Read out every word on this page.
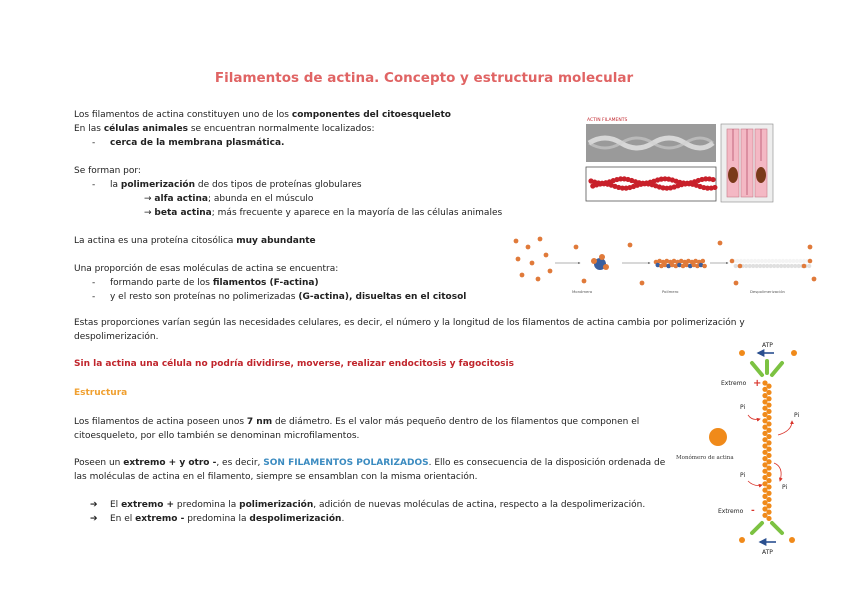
Filamentos de actina. Concepto y estructura molecular
Los filamentos de actina constituyen uno de los componentes del citoesqueleto
En las células animales se encuentran normalmente localizados:
- cerca de la membrana plasmática.
Se forman por:
- la polimerización de dos tipos de proteínas globulares
→ alfa actina; abunda en el músculo
→ beta actina; más frecuente y aparece en la mayoría de las células animales
La actina es una proteína citosólica muy abundante
Una proporción de esas moléculas de actina se encuentra:
- formando parte de los filamentos (F-actina)
- y el resto son proteínas no polimerizadas (G-actina), disueltas en el citosol
Estas proporciones varían según las necesidades celulares, es decir, el número y la longitud de los filamentos de actina cambia por polimerización y
despolimerización.
Sin la actina una célula no podría dividirse, moverse, realizar endocitosis y fagocitosis
Estructura
Los filamentos de actina poseen unos 7 nm de diámetro. Es el valor más pequeño dentro de los filamentos que componen el
citoesqueleto, por ello también se denominan microfilamentos.
Poseen un extremo + y otro -, es decir, SON FILAMENTOS POLARIZADOS. Ello es consecuencia de la disposición ordenada de
las moléculas de actina en el filamento, siempre se ensamblan con la misma orientación.
➔ El extremo + predomina la polimerización, adición de nuevas moléculas de actina, respecto a la despolimerización.
➔ En el extremo - predomina la despolimerización.
ACTIN FILAMENTS
Monómero	Polímero	Despolimerización
ATP
Extremo +
Pi
Pi
Monómero de actina
Pi
Pi
Extremo -
ATP
